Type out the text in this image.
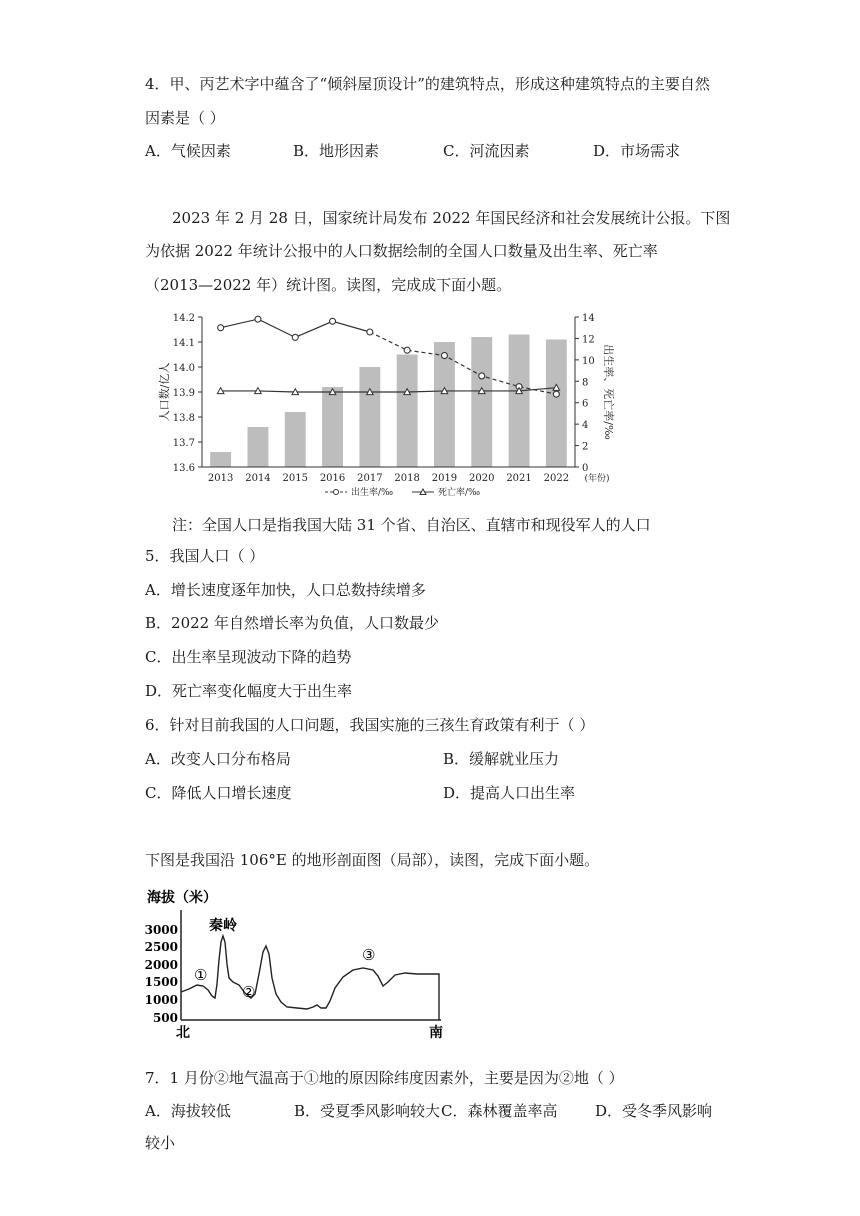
4．甲、丙艺术字中蕴含了“倾斜屋顶设计”的建筑特点，形成这种建筑特点的主要自然
因素是（ ）
A．气候因素	B．地形因素	C．河流因素	D．市场需求
2023 年 2 月 28 日，国家统计局发布 2022 年国民经济和社会发展统计公报。下图
为依据 2022 年统计公报中的人口数据绘制的全国人口数量及出生率、死亡率
（2013—2022 年）统计图。读图，完成成下面小题。
13.6
13.7
13.8
13.9
14.0
14.1
14.2
0
2
4
6
8
10
12
14
2013 2014 2015 2016 2017 2018 2019 2020 2021 2022 (年份)
人口数/亿人	出生率、死亡率/‰
出生率/‰	死亡率/‰
注：全国人口是指我国大陆 31 个省、自治区、直辖市和现役军人的人口
5．我国人口（ ）
A．增长速度逐年加快，人口总数持续增多
B．2022 年自然增长率为负值，人口数最少
C．出生率呈现波动下降的趋势
D．死亡率变化幅度大于出生率
6．针对目前我国的人口问题，我国实施的三孩生育政策有利于（ ）
A．改变人口分布格局	B．缓解就业压力
C．降低人口增长速度	D．提高人口出生率
下图是我国沿 106°E 的地形剖面图（局部），读图，完成下面小题。
海拔（米）
3000
2500
2000
1500
1000
500
秦岭
①
②
③
北	南
7．1 月份②地气温高于①地的原因除纬度因素外，主要是因为②地（ ）
A．海拔较低	B．受夏季风影响较大 C．森林覆盖率高	D．受冬季风影响
较小
